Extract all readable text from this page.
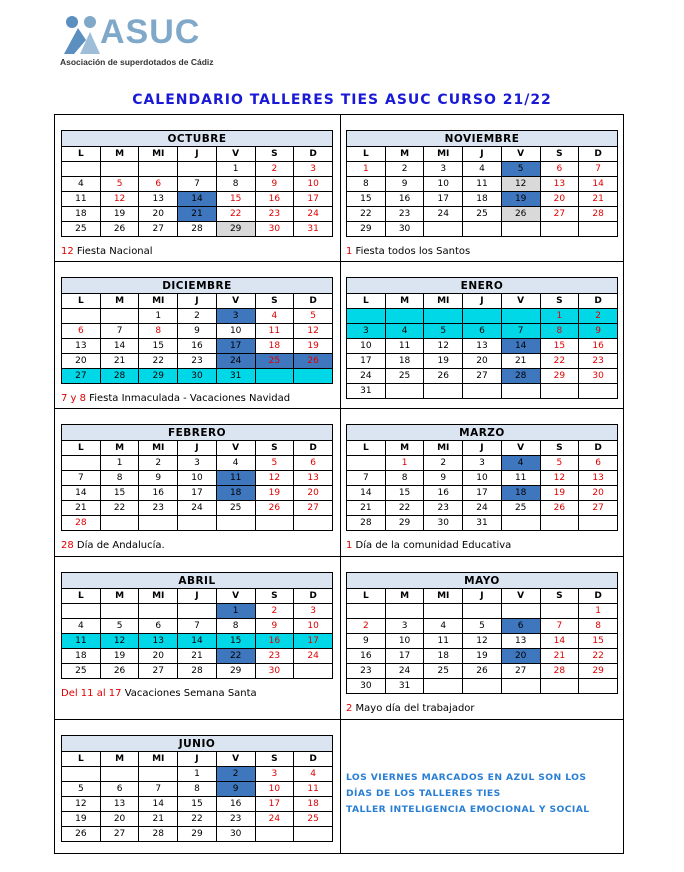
ASUC
Asociación de superdotados de Cádiz
CALENDARIO TALLERES TIES ASUC CURSO 21/22
OCTUBRE						
L	M	MI	J	V	S	D
				1	2	3
4	5	6	7	8	9	10
11	12	13	14	15	16	17
18	19	20	21	22	23	24
25	26	27	28	29	30	31
NOVIEMBRE						
L	M	MI	J	V	S	D
1	2	3	4	5	6	7
8	9	10	11	12	13	14
15	16	17	18	19	20	21
22	23	24	25	26	27	28
29	30					
DICIEMBRE						
L	M	MI	J	V	S	D
		1	2	3	4	5
6	7	8	9	10	11	12
13	14	15	16	17	18	19
20	21	22	23	24	25	26
27	28	29	30	31		
ENERO						
L	M	MI	J	V	S	D
					1	2
3	4	5	6	7	8	9
10	11	12	13	14	15	16
17	18	19	20	21	22	23
24	25	26	27	28	29	30
31						
FEBRERO						
L	M	MI	J	V	S	D
	1	2	3	4	5	6
7	8	9	10	11	12	13
14	15	16	17	18	19	20
21	22	23	24	25	26	27
28						
MARZO						
L	M	MI	J	V	S	D
	1	2	3	4	5	6
7	8	9	10	11	12	13
14	15	16	17	18	19	20
21	22	23	24	25	26	27
28	29	30	31			
ABRIL						
L	M	MI	J	V	S	D
				1	2	3
4	5	6	7	8	9	10
11	12	13	14	15	16	17
18	19	20	21	22	23	24
25	26	27	28	29	30	
MAYO						
L	M	MI	J	V	S	D
						1
2	3	4	5	6	7	8
9	10	11	12	13	14	15
16	17	18	19	20	21	22
23	24	25	26	27	28	29
30	31					
JUNIO						
L	M	MI	J	V	S	D
			1	2	3	4
5	6	7	8	9	10	11
12	13	14	15	16	17	18
19	20	21	22	23	24	25
26	27	28	29	30		
12 Fiesta Nacional	1 Fiesta todos los Santos
7 y 8 Fiesta Inmaculada - Vacaciones Navidad
28 Día de Andalucía.	1 Día de la comunidad Educativa
Del 11 al 17 Vacaciones Semana Santa
2 Mayo día del trabajador
LOS VIERNES MARCADOS EN AZUL SON LOS
DÍAS DE LOS TALLERES TIES
TALLER INTELIGENCIA EMOCIONAL Y SOCIAL
